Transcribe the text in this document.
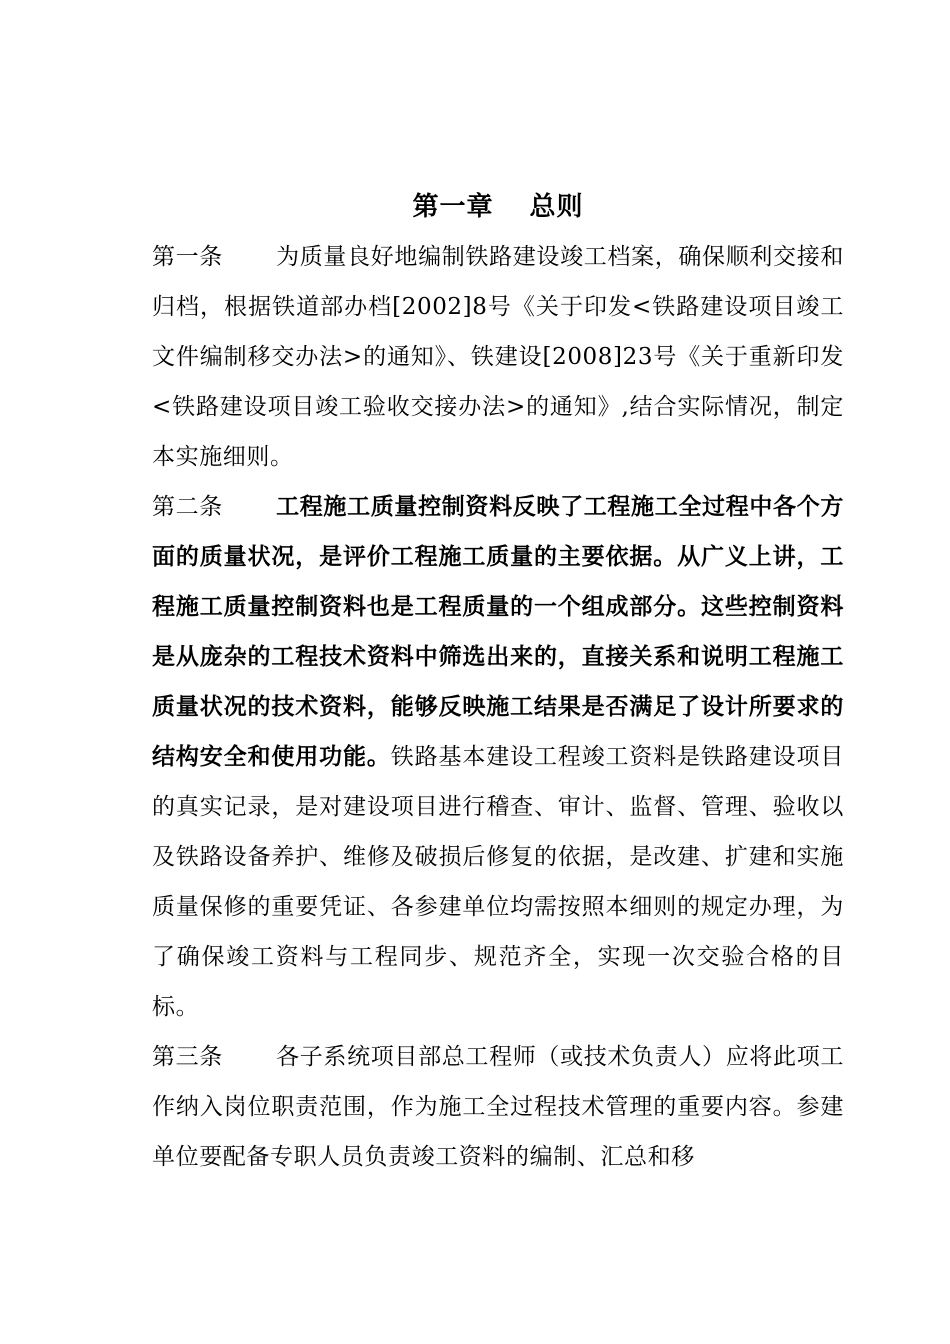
第一章 总则

第一条 为质量良好地编制铁路建设竣工档案，确保顺利交接和归档，根据铁道部办档[2002]8号《关于印发<铁路建设项目竣工文件编制移交办法>的通知》、铁建设[2008]23号《关于重新印发<铁路建设项目竣工验收交接办法>的通知》,结合实际情况，制定本实施细则。

第二条 工程施工质量控制资料反映了工程施工全过程中各个方面的质量状况，是评价工程施工质量的主要依据。从广义上讲，工程施工质量控制资料也是工程质量的一个组成部分。这些控制资料是从庞杂的工程技术资料中筛选出来的，直接关系和说明工程施工质量状况的技术资料，能够反映施工结果是否满足了设计所要求的结构安全和使用功能。铁路基本建设工程竣工资料是铁路建设项目的真实记录，是对建设项目进行稽查、审计、监督、管理、验收以及铁路设备养护、维修及破损后修复的依据，是改建、扩建和实施质量保修的重要凭证、各参建单位均需按照本细则的规定办理，为了确保竣工资料与工程同步、规范齐全，实现一次交验合格的目标。

第三条 各子系统项目部总工程师（或技术负责人）应将此项工作纳入岗位职责范围，作为施工全过程技术管理的重要内容。参建单位要配备专职人员负责竣工资料的编制、汇总和移
